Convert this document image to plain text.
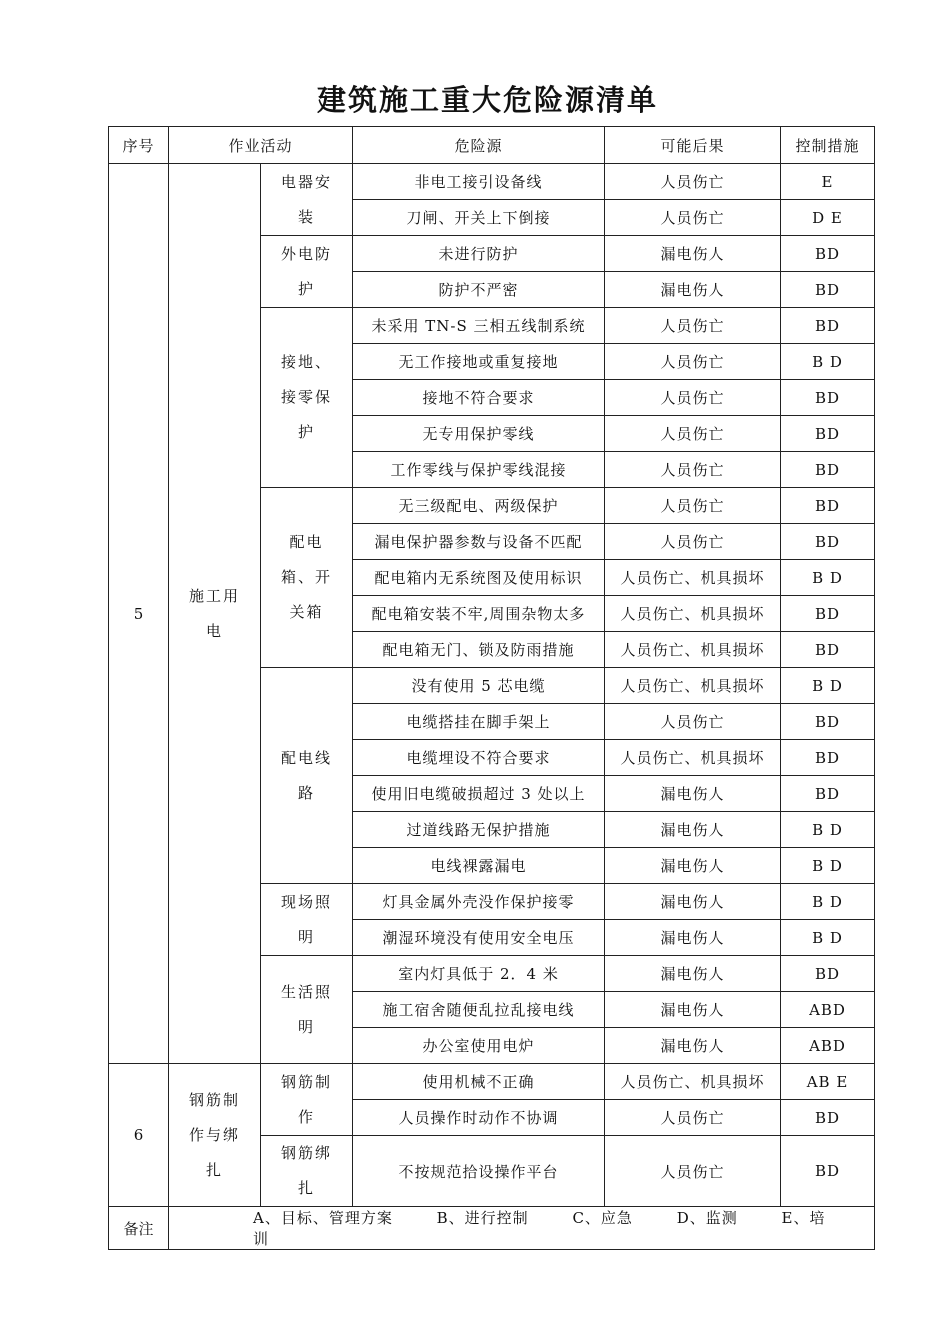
建筑施工重大危险源清单
序号	作业活动		危险源	可能后果	控制措施
5	施工用电	电器安装	非电工接引设备线	人员伤亡	E
			刀闸、开关上下倒接	人员伤亡	D E
		外电防护	未进行防护	漏电伤人	BD
			防护不严密	漏电伤人	BD
		接地、接零保护	未采用 TN-S 三相五线制系统	人员伤亡	BD
			无工作接地或重复接地	人员伤亡	B D
			接地不符合要求	人员伤亡	BD
			无专用保护零线	人员伤亡	BD
			工作零线与保护零线混接	人员伤亡	BD
		配电箱、开关箱	无三级配电、两级保护	人员伤亡	BD
			漏电保护器参数与设备不匹配	人员伤亡	BD
			配电箱内无系统图及使用标识	人员伤亡、机具损坏	B D
			配电箱安装不牢,周围杂物太多	人员伤亡、机具损坏	BD
			配电箱无门、锁及防雨措施	人员伤亡、机具损坏	BD
		配电线路	没有使用 5 芯电缆	人员伤亡、机具损坏	B D
			电缆搭挂在脚手架上	人员伤亡	BD
			电缆埋设不符合要求	人员伤亡、机具损坏	BD
			使用旧电缆破损超过 3 处以上	漏电伤人	BD
			过道线路无保护措施	漏电伤人	B D
			电线裸露漏电	漏电伤人	B D
		现场照明	灯具金属外壳没作保护接零	漏电伤人	B D
			潮湿环境没有使用安全电压	漏电伤人	B D
		生活照明	室内灯具低于 2．4 米	漏电伤人	BD
			施工宿舍随便乱拉乱接电线	漏电伤人	ABD
			办公室使用电炉	漏电伤人	ABD
6	钢筋制作与绑扎	钢筋制作	使用机械不正确	人员伤亡、机具损坏	AB E
			人员操作时动作不协调	人员伤亡	BD
		钢筋绑扎	不按规范拾设操作平台	人员伤亡	BD
备注	A、目标、管理方案 B、进行控制 C、应急 D、监测 E、培训				
